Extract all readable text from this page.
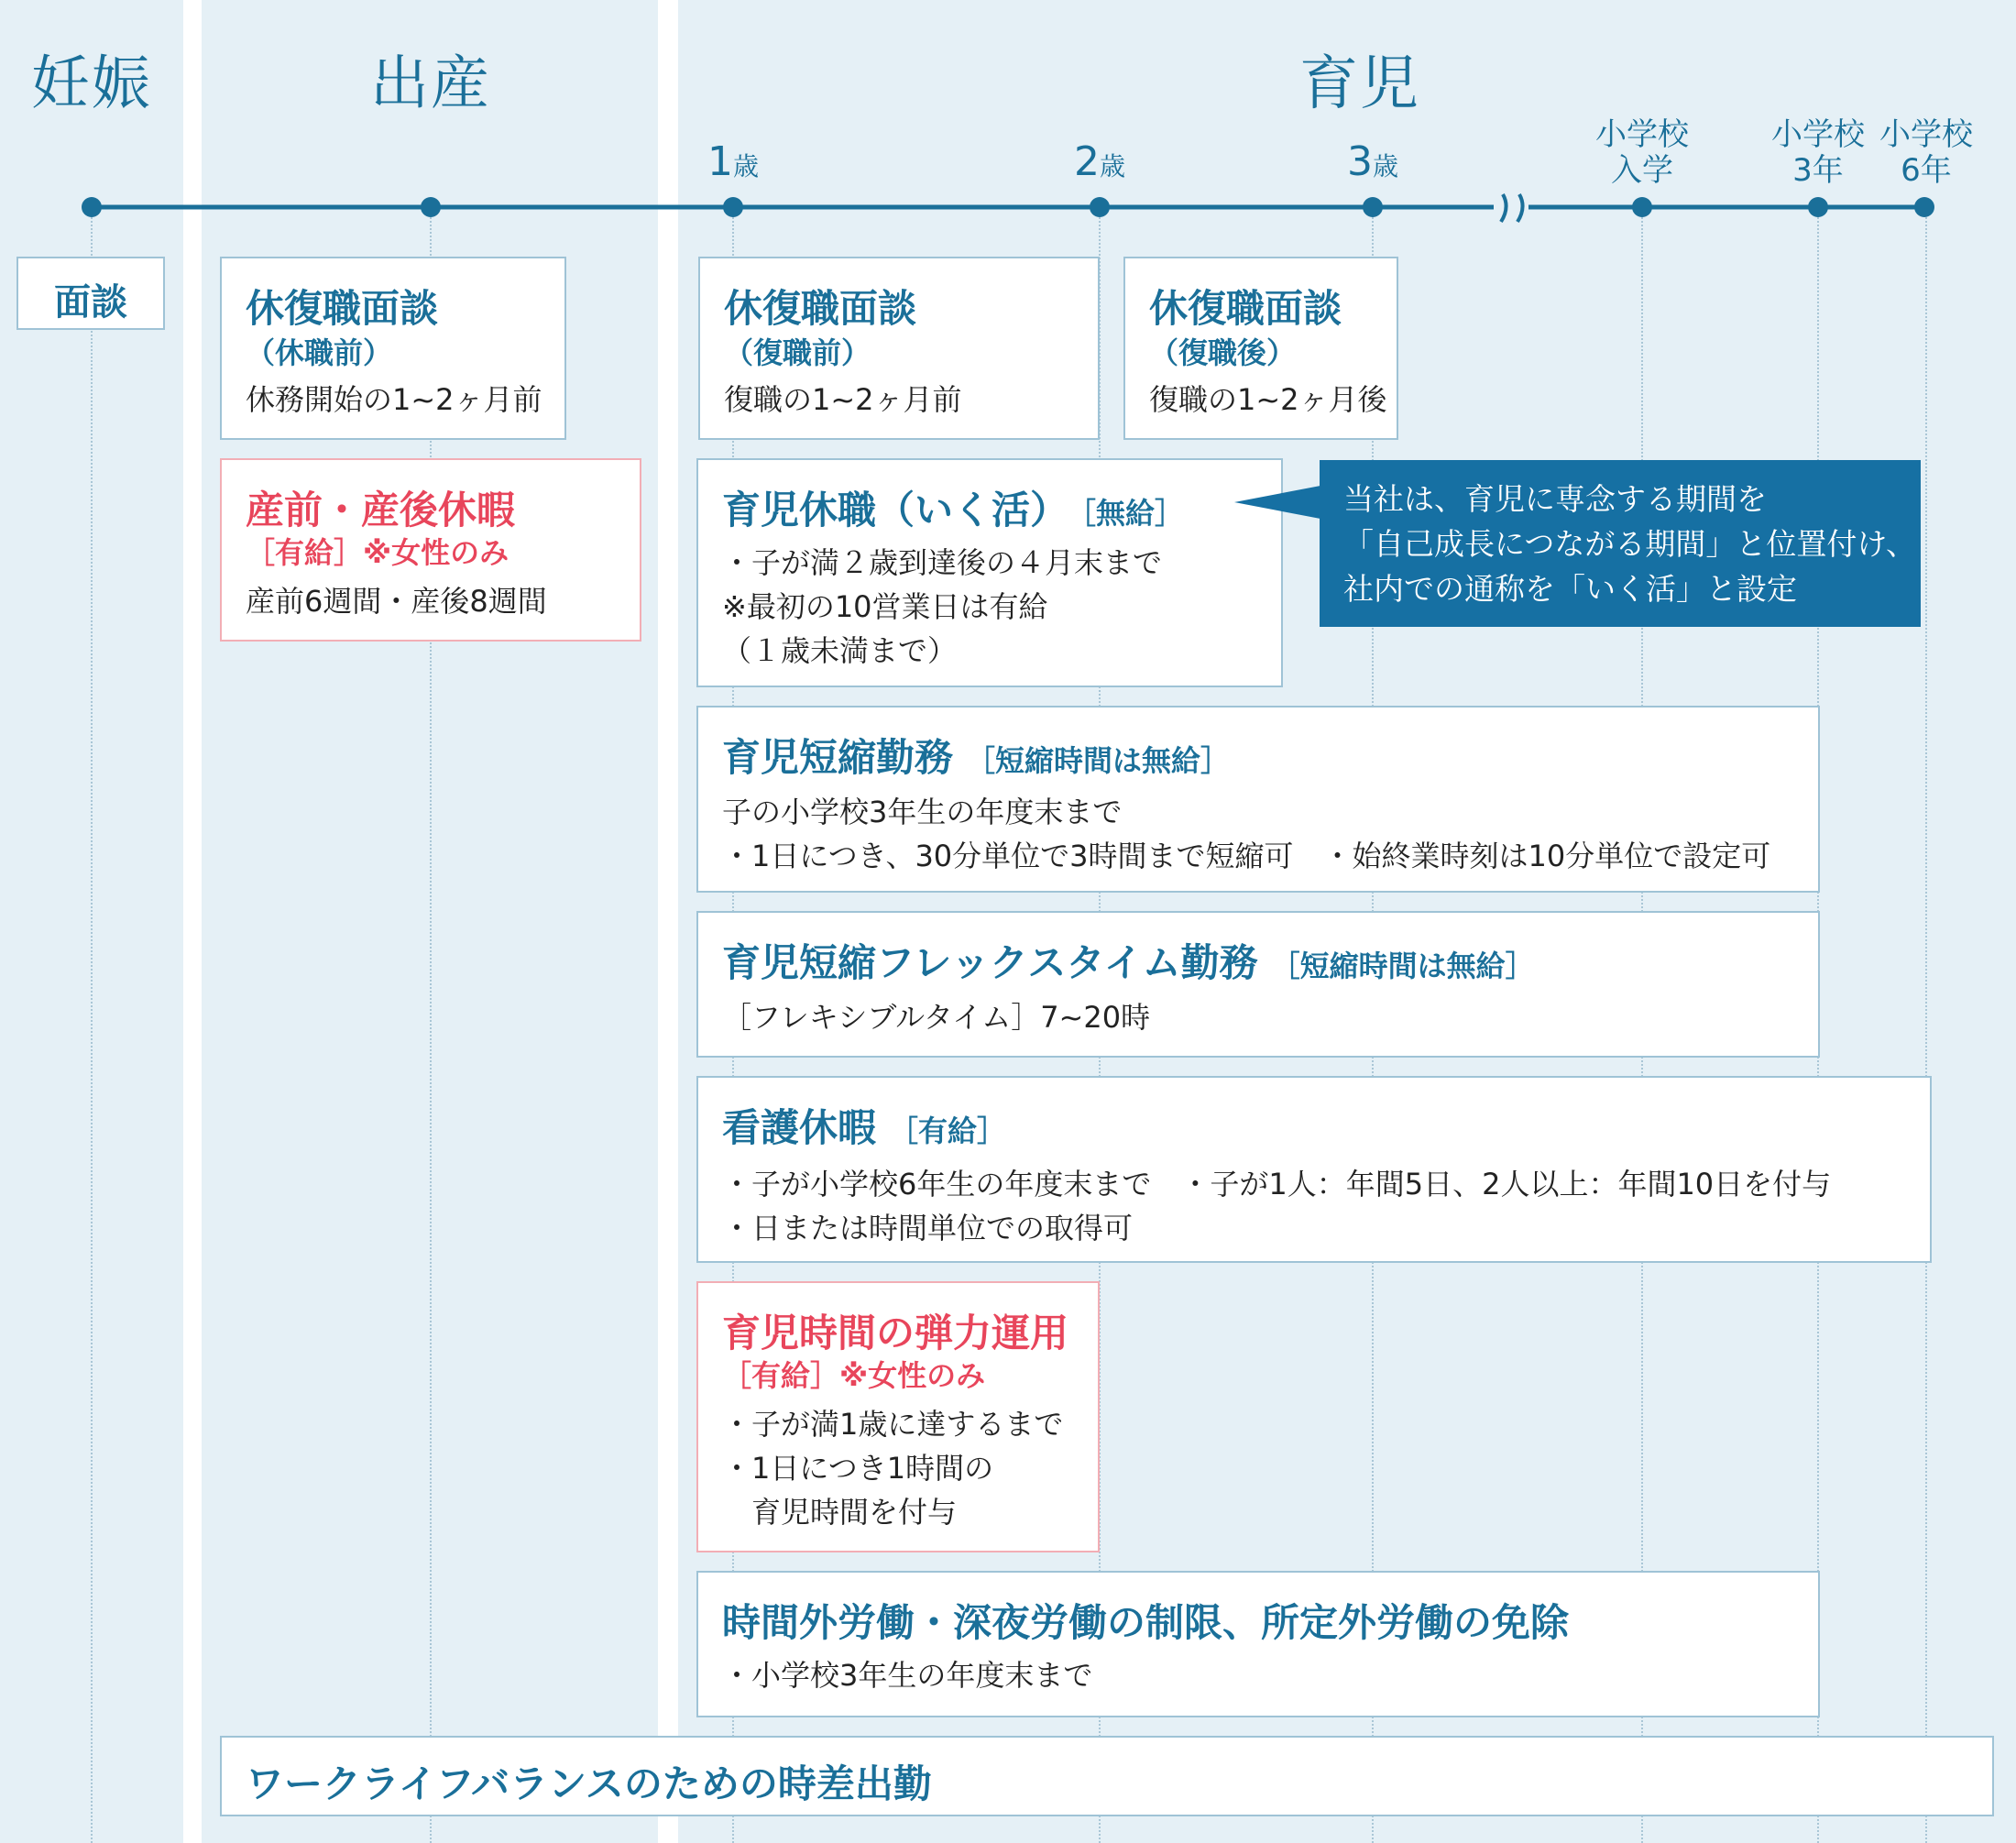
妊娠	出産	育児
1歳	2歳	3歳
小学校
入学
小学校
3年
小学校
6年
面談	休復職面談
（休職前）
休務開始の1~2ヶ月前
休復職面談
（復職前）
復職の1~2ヶ月前
休復職面談
（復職後）
復職の1~2ヶ月後
産前・産後休暇
［有給］※女性のみ
産前6週間・産後8週間
育児休職（いく活） ［無給］
・子が満２歳到達後の４月末まで
※最初の10営業日は有給
（１歳未満まで）
当社は、育児に専念する期間を
「自己成長につながる期間」と位置付け、
社内での通称を「いく活」と設定
育児短縮勤務 ［短縮時間は無給］
子の小学校3年生の年度末まで
・1日につき、30分単位で3時間まで短縮可　・始終業時刻は10分単位で設定可
育児短縮フレックスタイム勤務 ［短縮時間は無給］
［フレキシブルタイム］7~20時
看護休暇 ［有給］
・子が小学校6年生の年度末まで　・子が1人：年間5日、2人以上：年間10日を付与
・日または時間単位での取得可
育児時間の弾力運用
［有給］※女性のみ
・子が満1歳に達するまで
・1日につき1時間の
　育児時間を付与
時間外労働・深夜労働の制限、所定外労働の免除
・小学校3年生の年度末まで
ワークライフバランスのための時差出勤
